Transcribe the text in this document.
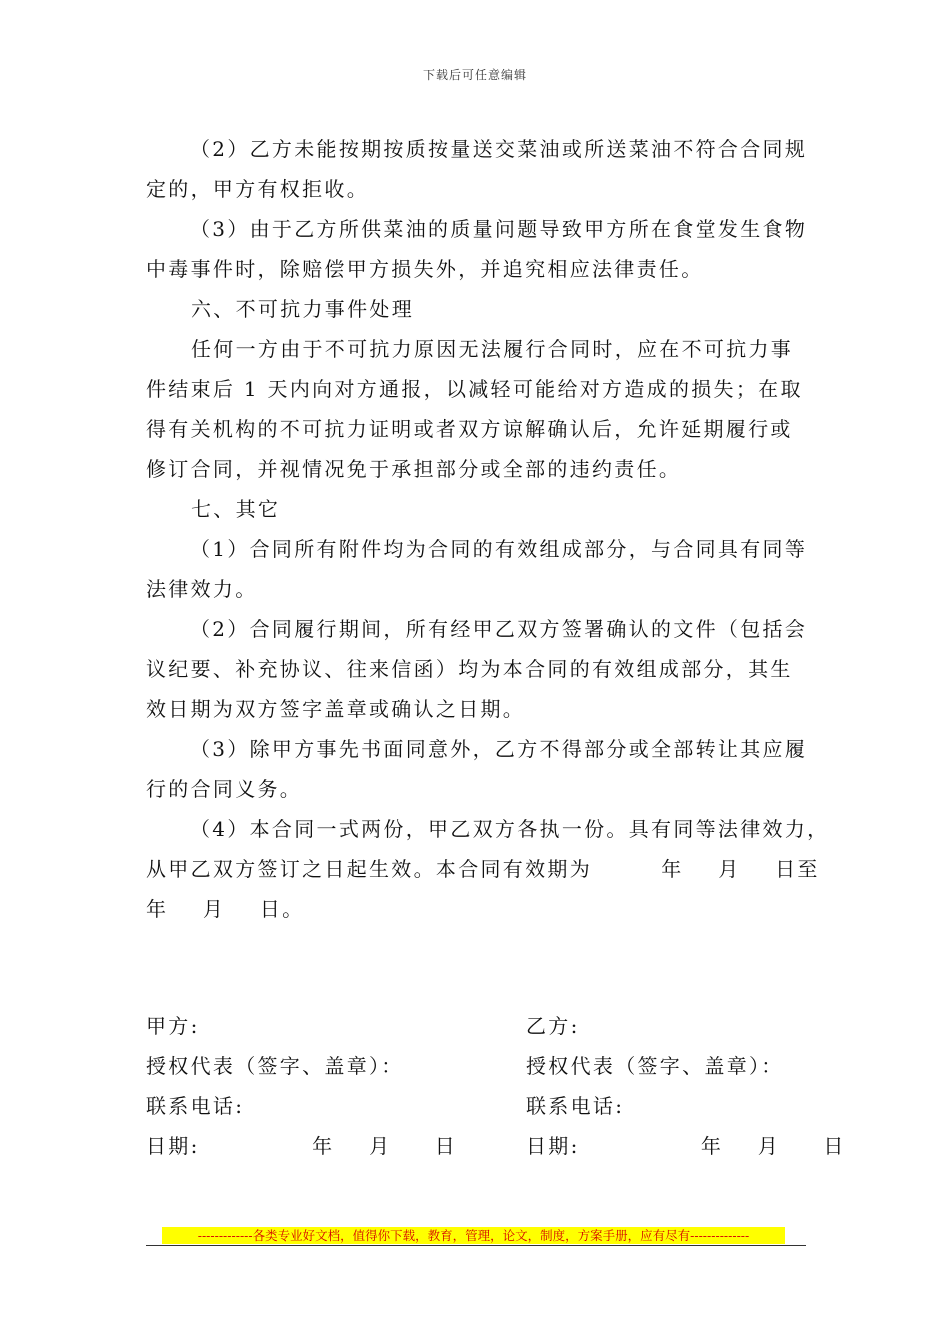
下载后可任意编辑
（2）乙方未能按期按质按量送交菜油或所送菜油不符合合同规
定的，甲方有权拒收。
（3）由于乙方所供菜油的质量问题导致甲方所在食堂发生食物
中毒事件时，除赔偿甲方损失外，并追究相应法律责任。
六、不可抗力事件处理
任何一方由于不可抗力原因无法履行合同时，应在不可抗力事
件结束后 1 天内向对方通报，以减轻可能给对方造成的损失；在取
得有关机构的不可抗力证明或者双方谅解确认后，允许延期履行或
修订合同，并视情况免于承担部分或全部的违约责任。
七、其它
（1）合同所有附件均为合同的有效组成部分，与合同具有同等
法律效力。
（2）合同履行期间，所有经甲乙双方签署确认的文件（包括会
议纪要、补充协议、往来信函）均为本合同的有效组成部分，其生
效日期为双方签字盖章或确认之日期。
（3）除甲方事先书面同意外，乙方不得部分或全部转让其应履
行的合同义务。
（4）本合同一式两份，甲乙双方各执一份。具有同等法律效力，
从甲乙双方签订之日起生效。本合同有效期为        年    月    日至
年    月    日。
甲方:
授权代表（签字、盖章）：
联系电话:
日期:             年    月     日
乙方:
授权代表（签字、盖章）：
联系电话:
日期:              年    月     日
-------------各类专业好文档，值得你下载，教育，管理，论文，制度，方案手册，应有尽有--------------
